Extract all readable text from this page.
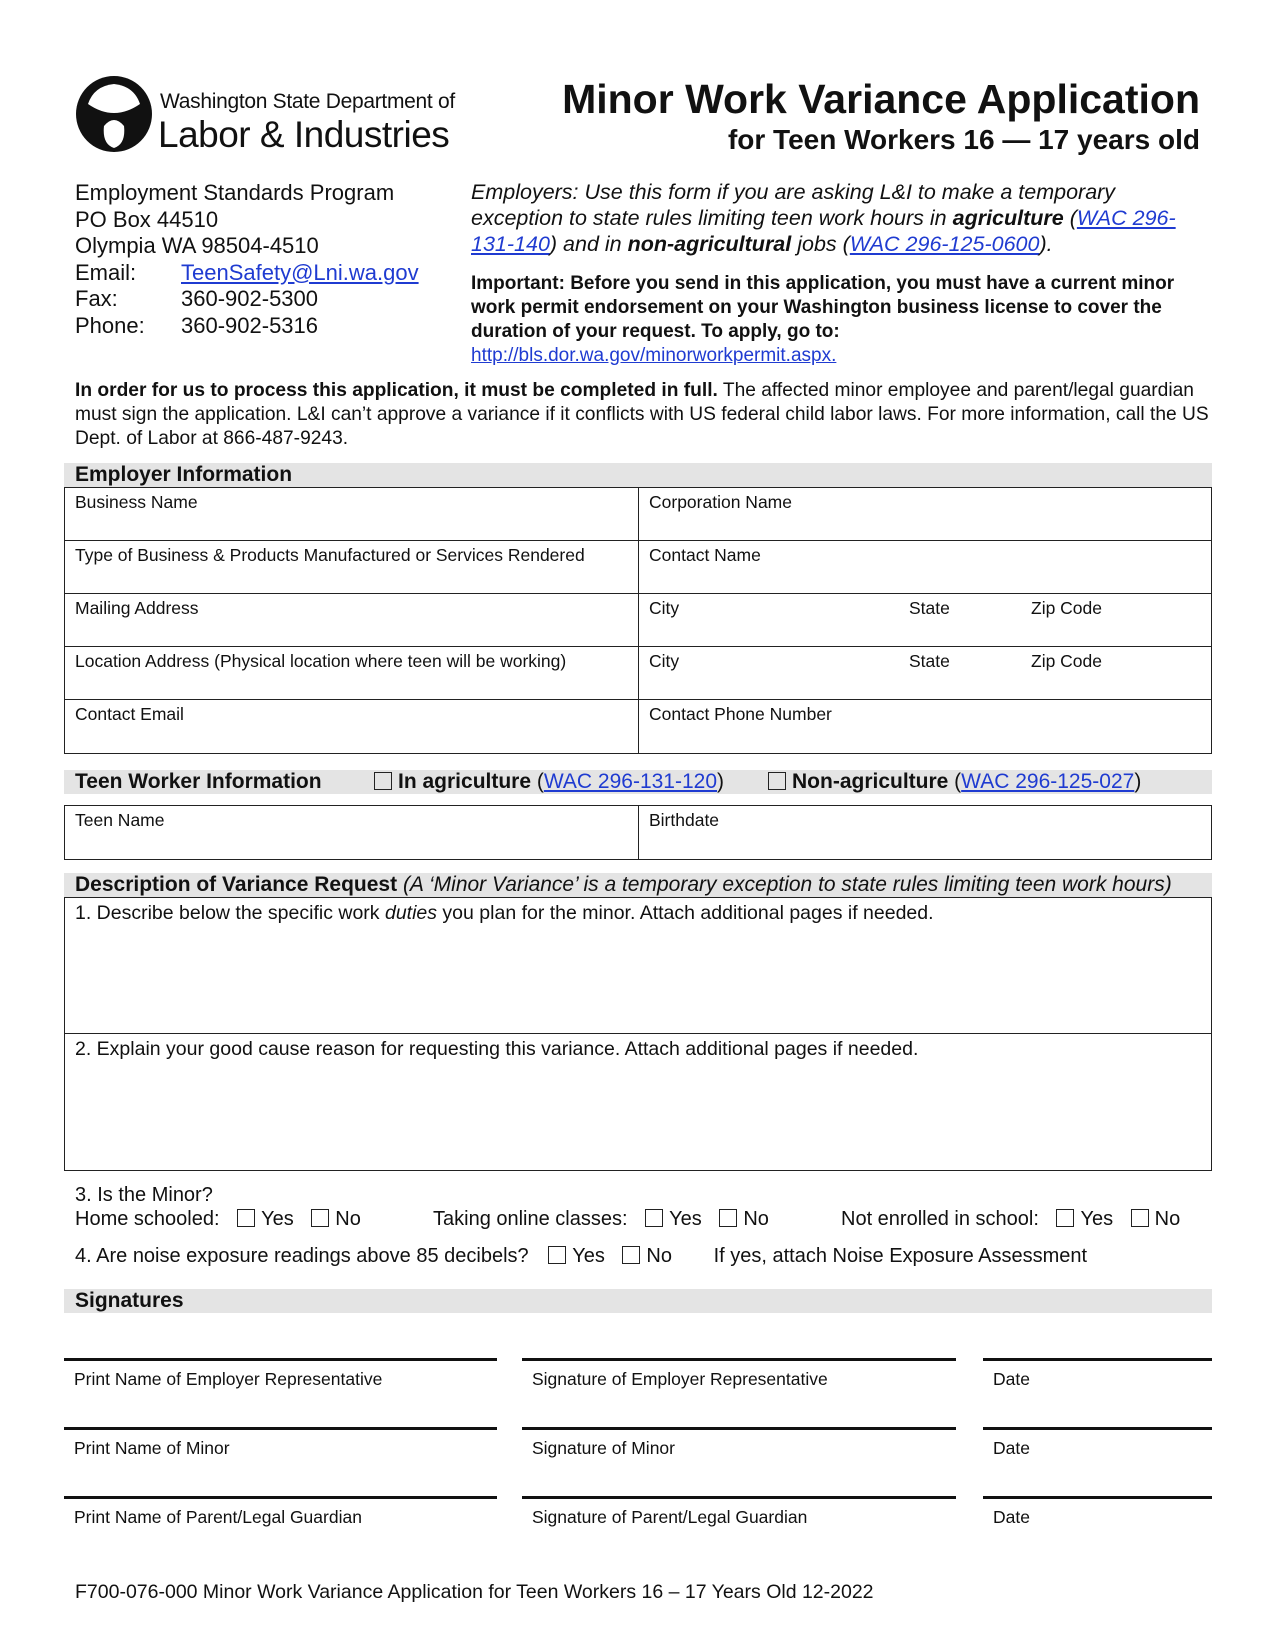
Washington State Department of
Labor & Industries
Minor Work Variance Application
for Teen Workers 16 — 17 years old
Employment Standards Program
PO Box 44510
Olympia WA 98504-4510
Email:	TeenSafety@Lni.wa.gov
Fax:	360-902-5300
Phone:	360-902-5316
Employers: Use this form if you are asking L&I to make a temporary exception to state rules limiting teen work hours in agriculture (WAC 296-131-140) and in non-agricultural jobs (WAC 296-125-0600).
Important: Before you send in this application, you must have a current minor work permit endorsement on your Washington business license to cover the duration of your request. To apply, go to:
http://bls.dor.wa.gov/minorworkpermit.aspx.
In order for us to process this application, it must be completed in full. The affected minor employee and parent/legal guardian must sign the application. L&I can’t approve a variance if it conflicts with US federal child labor laws. For more information, call the US Dept. of Labor at 866-487-9243.
Employer Information
Business Name	Corporation Name
Type of Business & Products Manufactured or Services Rendered	Contact Name
Mailing Address	City	State	Zip Code
Location Address (Physical location where teen will be working)	City	State	Zip Code
Contact Email	Contact Phone Number
Teen Worker Information	In agriculture (WAC 296-131-120)	Non-agriculture (WAC 296-125-027)
Teen Name	Birthdate
Description of Variance Request (A ‘Minor Variance’ is a temporary exception to state rules limiting teen work hours)
1. Describe below the specific work duties you plan for the minor. Attach additional pages if needed.
2. Explain your good cause reason for requesting this variance. Attach additional pages if needed.
3. Is the Minor?
Home schooled: Yes No	Taking online classes: Yes No	Not enrolled in school: Yes No
4. Are noise exposure readings above 85 decibels? Yes No If yes, attach Noise Exposure Assessment
Signatures
Print Name of Employer Representative	Signature of Employer Representative	Date
Print Name of Minor	Signature of Minor	Date
Print Name of Parent/Legal Guardian	Signature of Parent/Legal Guardian	Date
F700-076-000 Minor Work Variance Application for Teen Workers 16 – 17 Years Old 12-2022
